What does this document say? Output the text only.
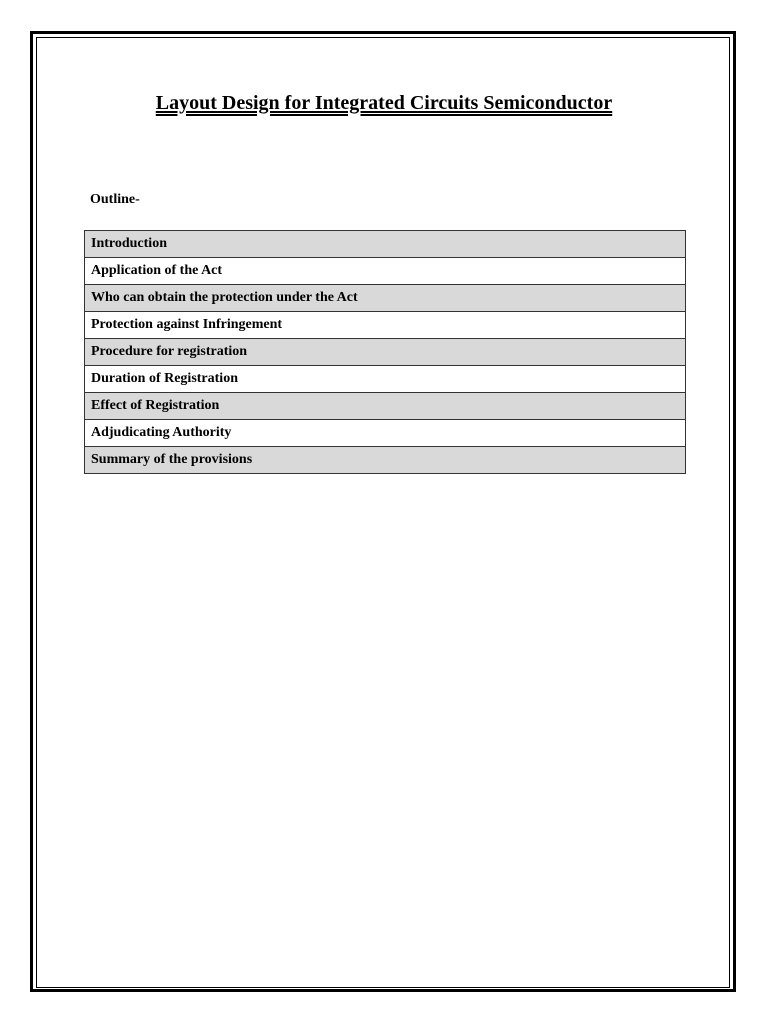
Layout Design for Integrated Circuits Semiconductor
Outline-
Introduction
Application of the Act
Who can obtain the protection under the Act
Protection against Infringement
Procedure for registration
Duration of Registration
Effect of Registration
Adjudicating Authority
Summary of the provisions
